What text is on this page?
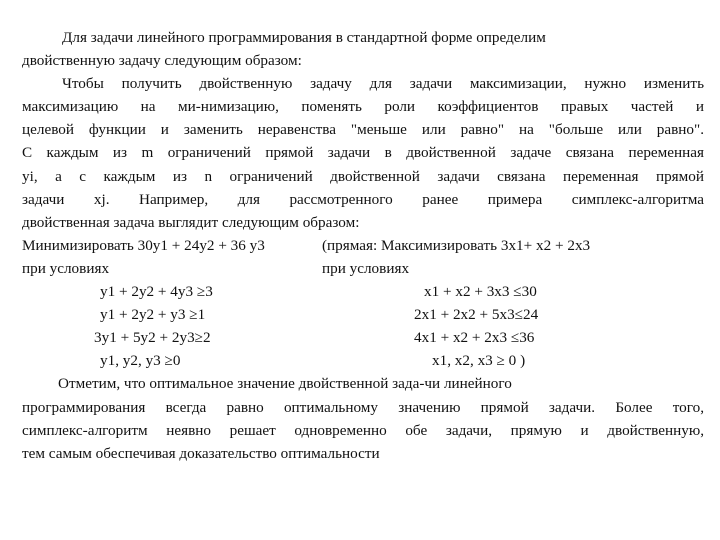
Для задачи линейного программирования в стандартной форме определим
двойственную задачу следующим образом:
Чтобы получить двойственную задачу для задачи максимизации, нужно изменить
максимизацию на ми-нимизацию, поменять роли коэффициентов правых частей и
целевой функции и заменить неравенства "меньше или равно" на "больше или равно".
С каждым из m ограничений прямой задачи в двойственной задаче связана переменная
yi, а с каждым из n ограничений двойственной задачи связана переменная прямой
задачи xj. Например, для рассмотренного ранее примера симплекс-алгоритма
двойственная задача выглядит следующим образом:
Минимизировать 30y1 + 24y2 + 36 y3	(прямая: Максимизировать 3x1+ x2 + 2x3
при условиях	при условиях
y1 + 2y2 + 4y3 ≥3	x1 + x2 + 3x3 ≤30
y1 + 2y2 + y3 ≥1	2x1 + 2x2 + 5x3≤24
3y1 + 5y2 + 2y3≥2	4x1 + x2 + 2x3 ≤36
y1, y2, y3 ≥0	x1, x2, x3 ≥ 0 )
Отметим, что оптимальное значение двойственной зада-чи линейного
программирования всегда равно оптимальному значению прямой задачи. Более того,
симплекс-алгоритм неявно решает одновременно обе задачи, прямую и двойственную,
тем самым обеспечивая доказательство оптимальности
